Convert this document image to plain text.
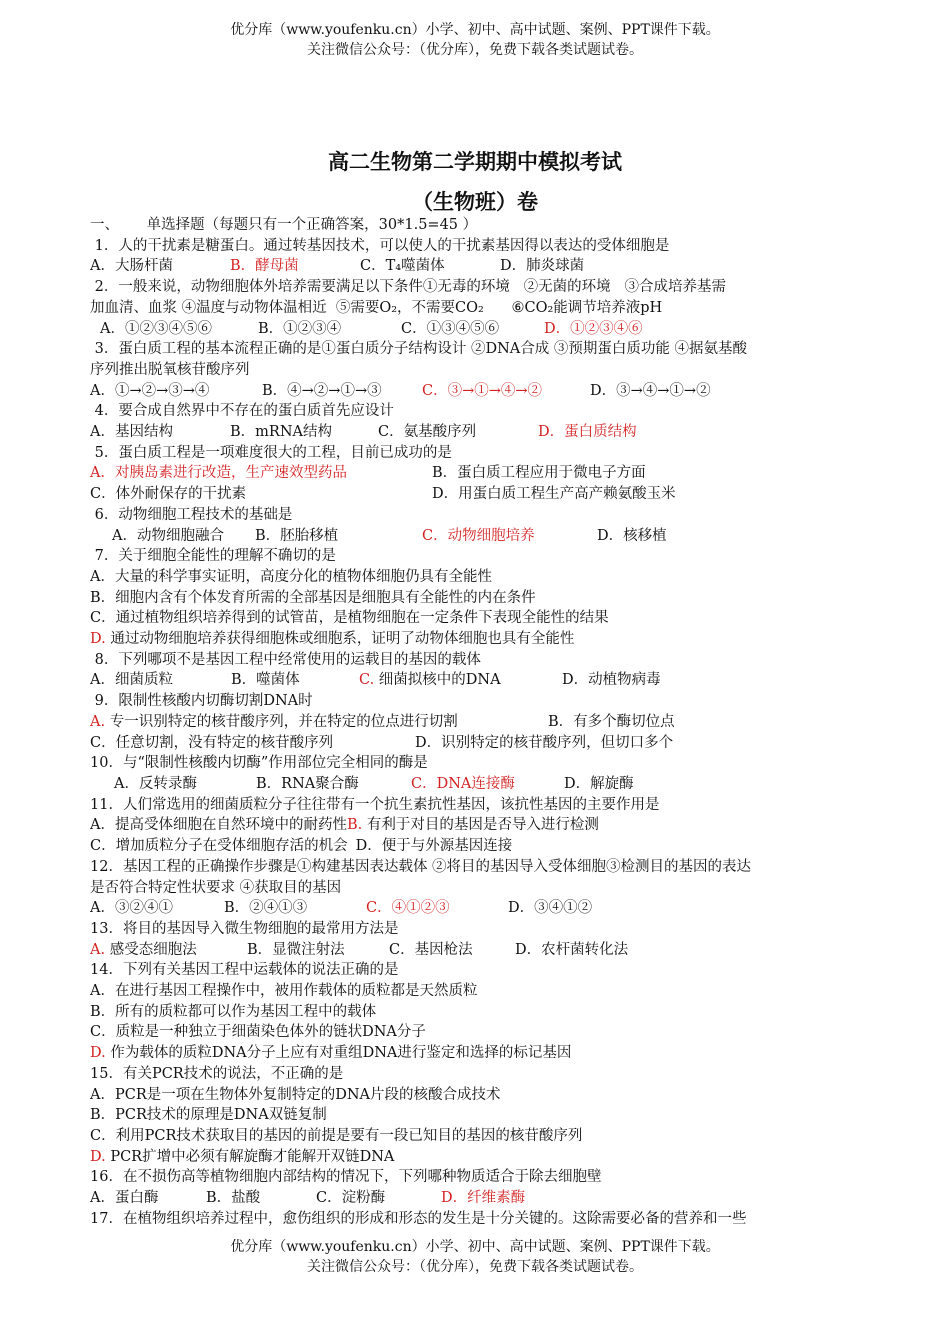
优分库（www.youfenku.cn）小学、初中、高中试题、案例、PPT课件下载。
关注微信公众号：（优分库），免费下载各类试题试卷。
高二生物第二学期期中模拟考试
（生物班）卷
一、      单选择题（每题只有一个正确答案，30*1.5=45 ）
1．人的干扰素是糖蛋白。通过转基因技术，可以使人的干扰素基因得以表达的受体细胞是
A．大肠杆菌	B．酵母菌	C．T₄噬菌体	D．肺炎球菌
2．一般来说，动物细胞体外培养需要满足以下条件①无毒的环境   ②无菌的环境   ③合成培养基需
加血清、血浆 ④温度与动物体温相近  ⑤需要O₂，不需要CO₂      ⑥CO₂能调节培养液pH
A．①②③④⑤⑥	B．①②③④	C．①③④⑤⑥	D．①②③④⑥
3．蛋白质工程的基本流程正确的是①蛋白质分子结构设计 ②DNA合成 ③预期蛋白质功能 ④据氨基酸
序列推出脱氧核苷酸序列
A．①→②→③→④	B．④→②→①→③	C．③→①→④→②	D．③→④→①→②
4．要合成自然界中不存在的蛋白质首先应设计
A．基因结构	B．mRNA结构	C．氨基酸序列	D．蛋白质结构
5．蛋白质工程是一项难度很大的工程，目前已成功的是
A．对胰岛素进行改造，生产速效型药品	B．蛋白质工程应用于微电子方面
C．体外耐保存的干扰素	D．用蛋白质工程生产高产赖氨酸玉米
6．动物细胞工程技术的基础是
A．动物细胞融合 B．胚胎移植	C．动物细胞培养	D．核移植
7．关于细胞全能性的理解不确切的是
A．大量的科学事实证明，高度分化的植物体细胞仍具有全能性
B．细胞内含有个体发育所需的全部基因是细胞具有全能性的内在条件
C．通过植物组织培养得到的试管苗，是植物细胞在一定条件下表现全能性的结果
D. 通过动物细胞培养获得细胞株或细胞系，证明了动物体细胞也具有全能性
8．下列哪项不是基因工程中经常使用的运载目的基因的载体
A．细菌质粒	B．噬菌体	C. 细菌拟核中的DNA	D．动植物病毒
9．限制性核酸内切酶切割DNA时
A. 专一识别特定的核苷酸序列，并在特定的位点进行切割	B．有多个酶切位点
C．任意切割，没有特定的核苷酸序列	D．识别特定的核苷酸序列，但切口多个
10．与“限制性核酸内切酶”作用部位完全相同的酶是
A．反转录酶	B．RNA聚合酶	C．DNA连接酶	D．解旋酶
11．人们常选用的细菌质粒分子往往带有一个抗生素抗性基因，该抗性基因的主要作用是
A．提高受体细胞在自然环境中的耐药性B. 有利于对目的基因是否导入进行检测
C．增加质粒分子在受体细胞存活的机会 D．便于与外源基因连接
12．基因工程的正确操作步骤是①构建基因表达载体 ②将目的基因导入受体细胞③检测目的基因的表达
是否符合特定性状要求 ④获取目的基因
A．③②④①	B．②④①③	C．④①②③	D．③④①②
13．将目的基因导入微生物细胞的最常用方法是
A. 感受态细胞法	B．显微注射法	C．基因枪法	D．农杆菌转化法
14．下列有关基因工程中运载体的说法正确的是
A．在进行基因工程操作中，被用作载体的质粒都是天然质粒
B．所有的质粒都可以作为基因工程中的载体
C．质粒是一种独立于细菌染色体外的链状DNA分子
D. 作为载体的质粒DNA分子上应有对重组DNA进行鉴定和选择的标记基因
15．有关PCR技术的说法，不正确的是
A．PCR是一项在生物体外复制特定的DNA片段的核酸合成技术
B．PCR技术的原理是DNA双链复制
C．利用PCR技术获取目的基因的前提是要有一段已知目的基因的核苷酸序列
D. PCR扩增中必须有解旋酶才能解开双链DNA
16．在不损伤高等植物细胞内部结构的情况下，下列哪种物质适合于除去细胞壁
A．蛋白酶	B．盐酸	C．淀粉酶	D．纤维素酶
17．在植物组织培养过程中，愈伤组织的形成和形态的发生是十分关键的。这除需要必备的营养和一些
优分库（www.youfenku.cn）小学、初中、高中试题、案例、PPT课件下载。
关注微信公众号：（优分库），免费下载各类试题试卷。
